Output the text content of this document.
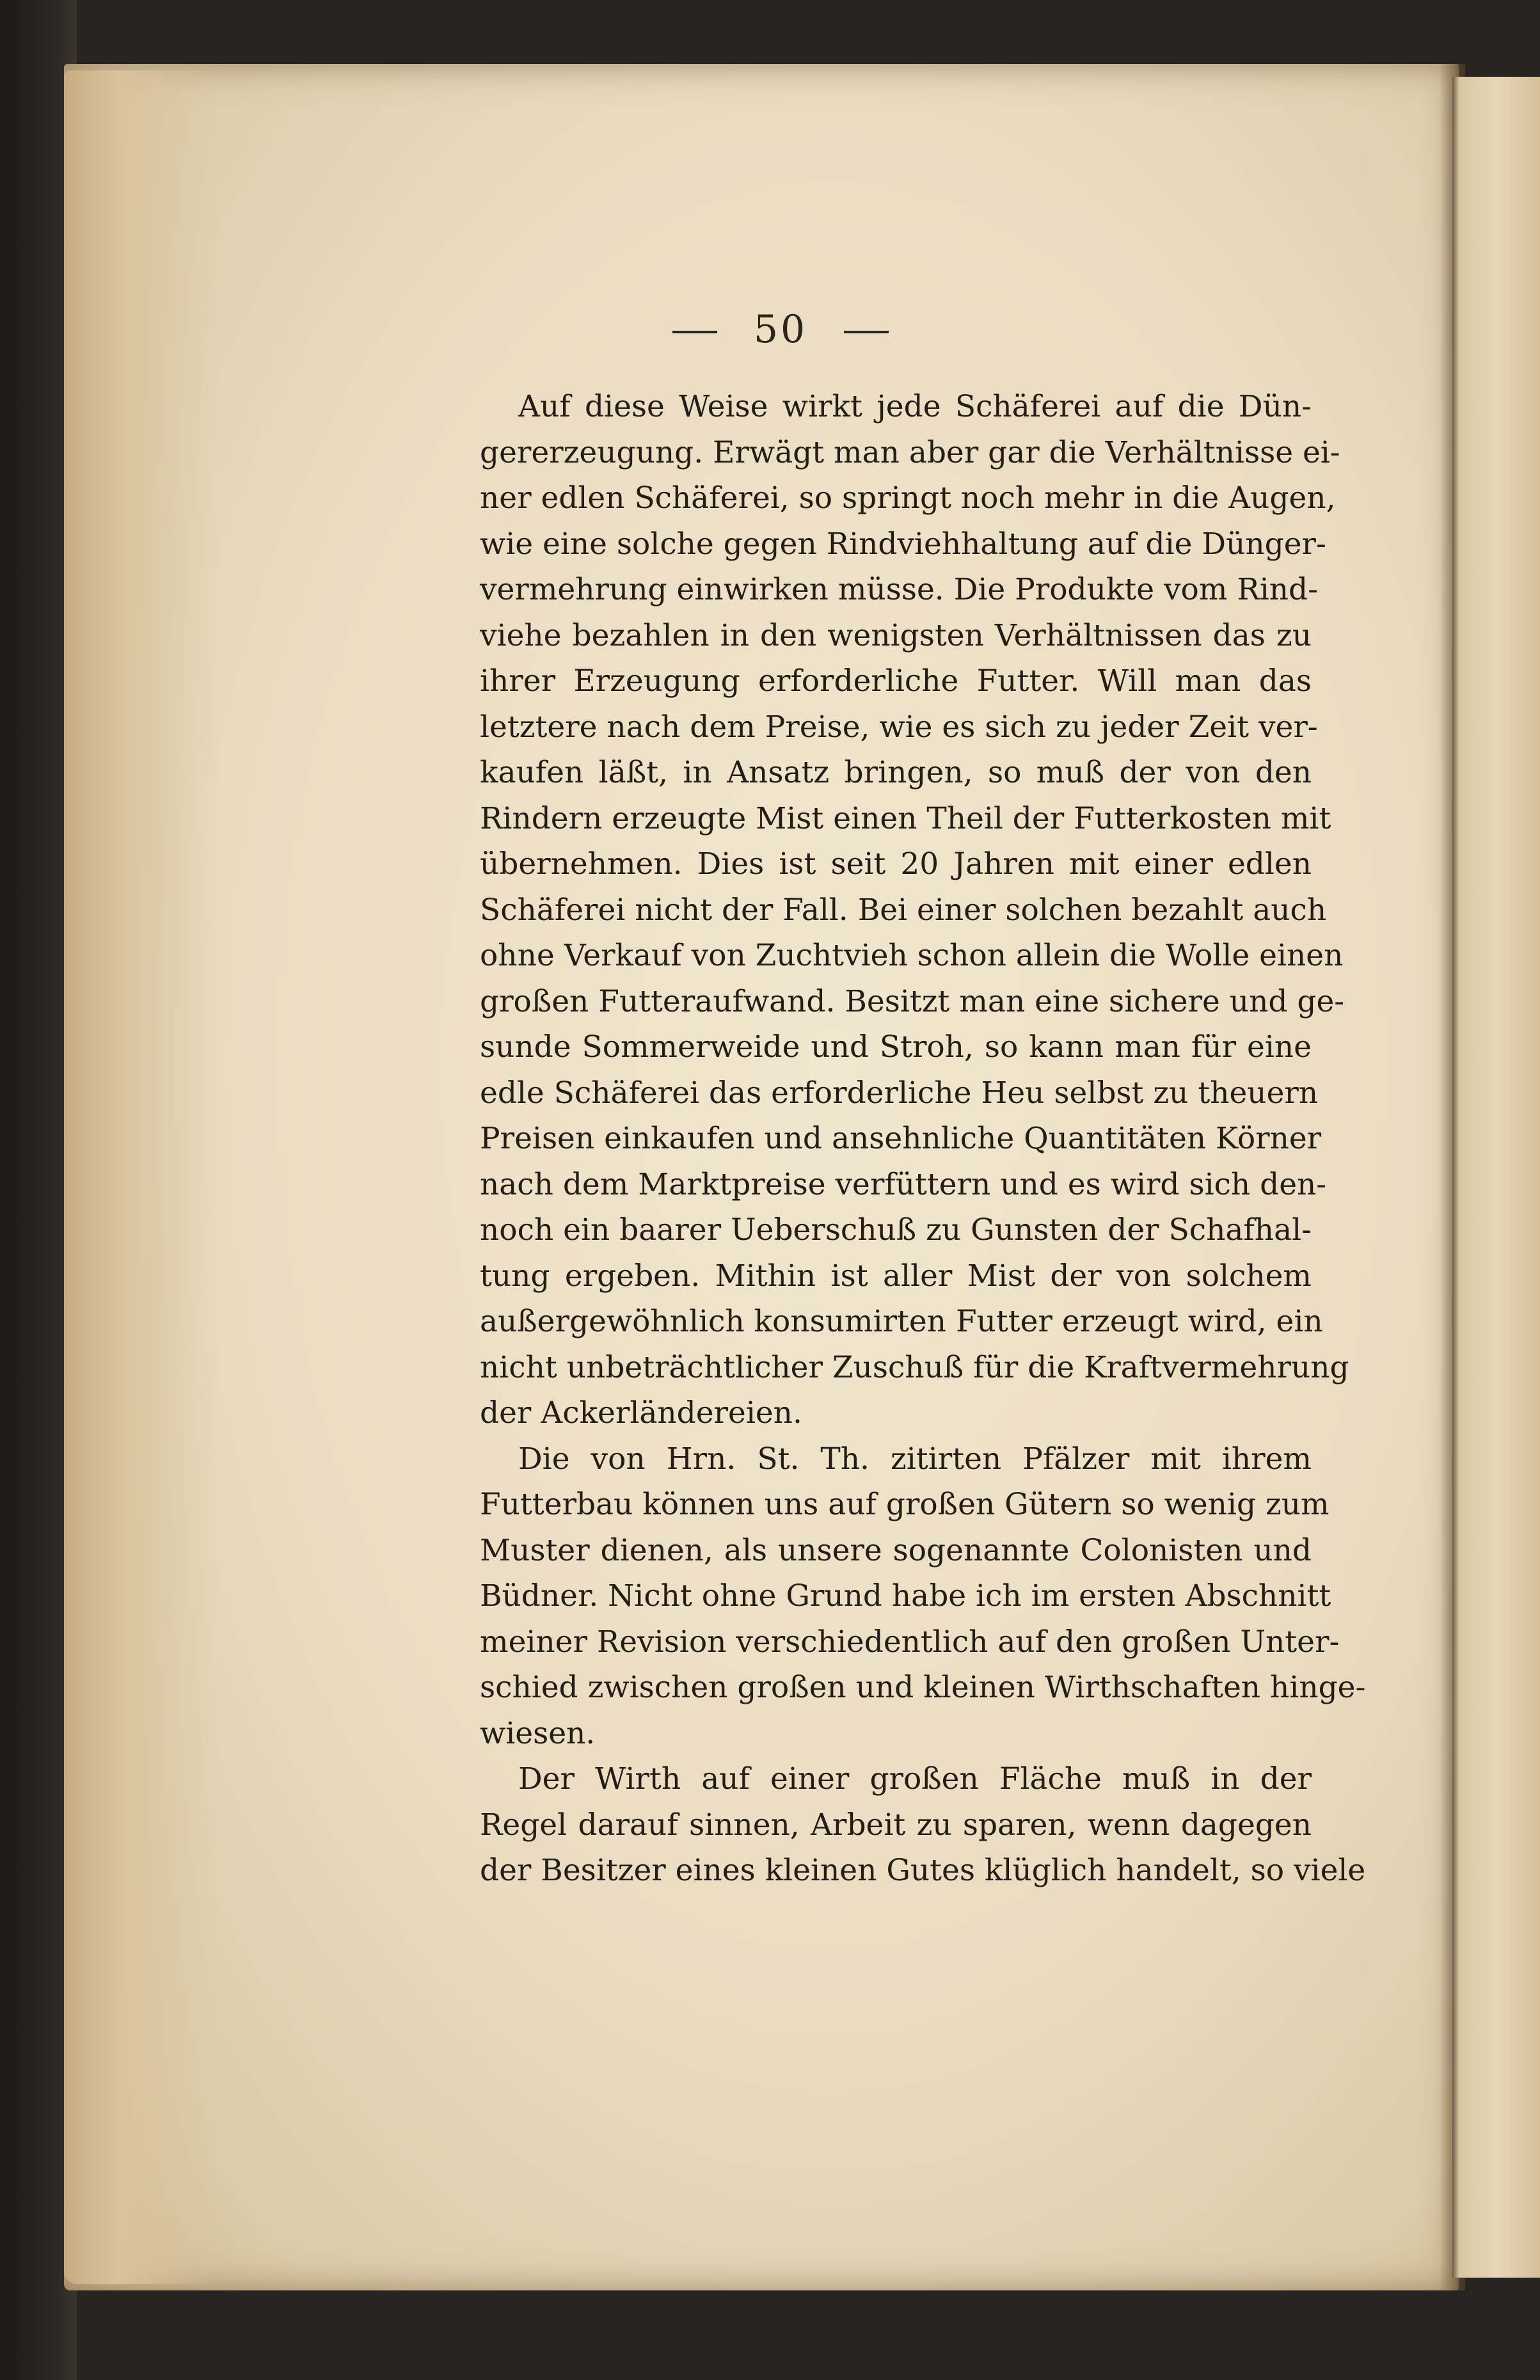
50
Auf diese Weise wirkt jede Schäferei auf die Dün-
gererzeugung. Erwägt man aber gar die Verhältnisse ei-
ner edlen Schäferei, so springt noch mehr in die Augen,
wie eine solche gegen Rindviehhaltung auf die Dünger-
vermehrung einwirken müsse. Die Produkte vom Rind-
viehe bezahlen in den wenigsten Verhältnissen das zu
ihrer Erzeugung erforderliche Futter. Will man das
letztere nach dem Preise, wie es sich zu jeder Zeit ver-
kaufen läßt, in Ansatz bringen, so muß der von den
Rindern erzeugte Mist einen Theil der Futterkosten mit
übernehmen. Dies ist seit 20 Jahren mit einer edlen
Schäferei nicht der Fall. Bei einer solchen bezahlt auch
ohne Verkauf von Zuchtvieh schon allein die Wolle einen
großen Futteraufwand. Besitzt man eine sichere und ge-
sunde Sommerweide und Stroh, so kann man für eine
edle Schäferei das erforderliche Heu selbst zu theuern
Preisen einkaufen und ansehnliche Quantitäten Körner
nach dem Marktpreise verfüttern und es wird sich den-
noch ein baarer Ueberschuß zu Gunsten der Schafhal-
tung ergeben. Mithin ist aller Mist der von solchem
außergewöhnlich konsumirten Futter erzeugt wird, ein
nicht unbeträchtlicher Zuschuß für die Kraftvermehrung
der Ackerländereien.
Die von Hrn. St. Th. zitirten Pfälzer mit ihrem
Futterbau können uns auf großen Gütern so wenig zum
Muster dienen, als unsere sogenannte Colonisten und
Büdner. Nicht ohne Grund habe ich im ersten Abschnitt
meiner Revision verschiedentlich auf den großen Unter-
schied zwischen großen und kleinen Wirthschaften hinge-
wiesen.
Der Wirth auf einer großen Fläche muß in der
Regel darauf sinnen, Arbeit zu sparen, wenn dagegen
der Besitzer eines kleinen Gutes klüglich handelt, so viele
